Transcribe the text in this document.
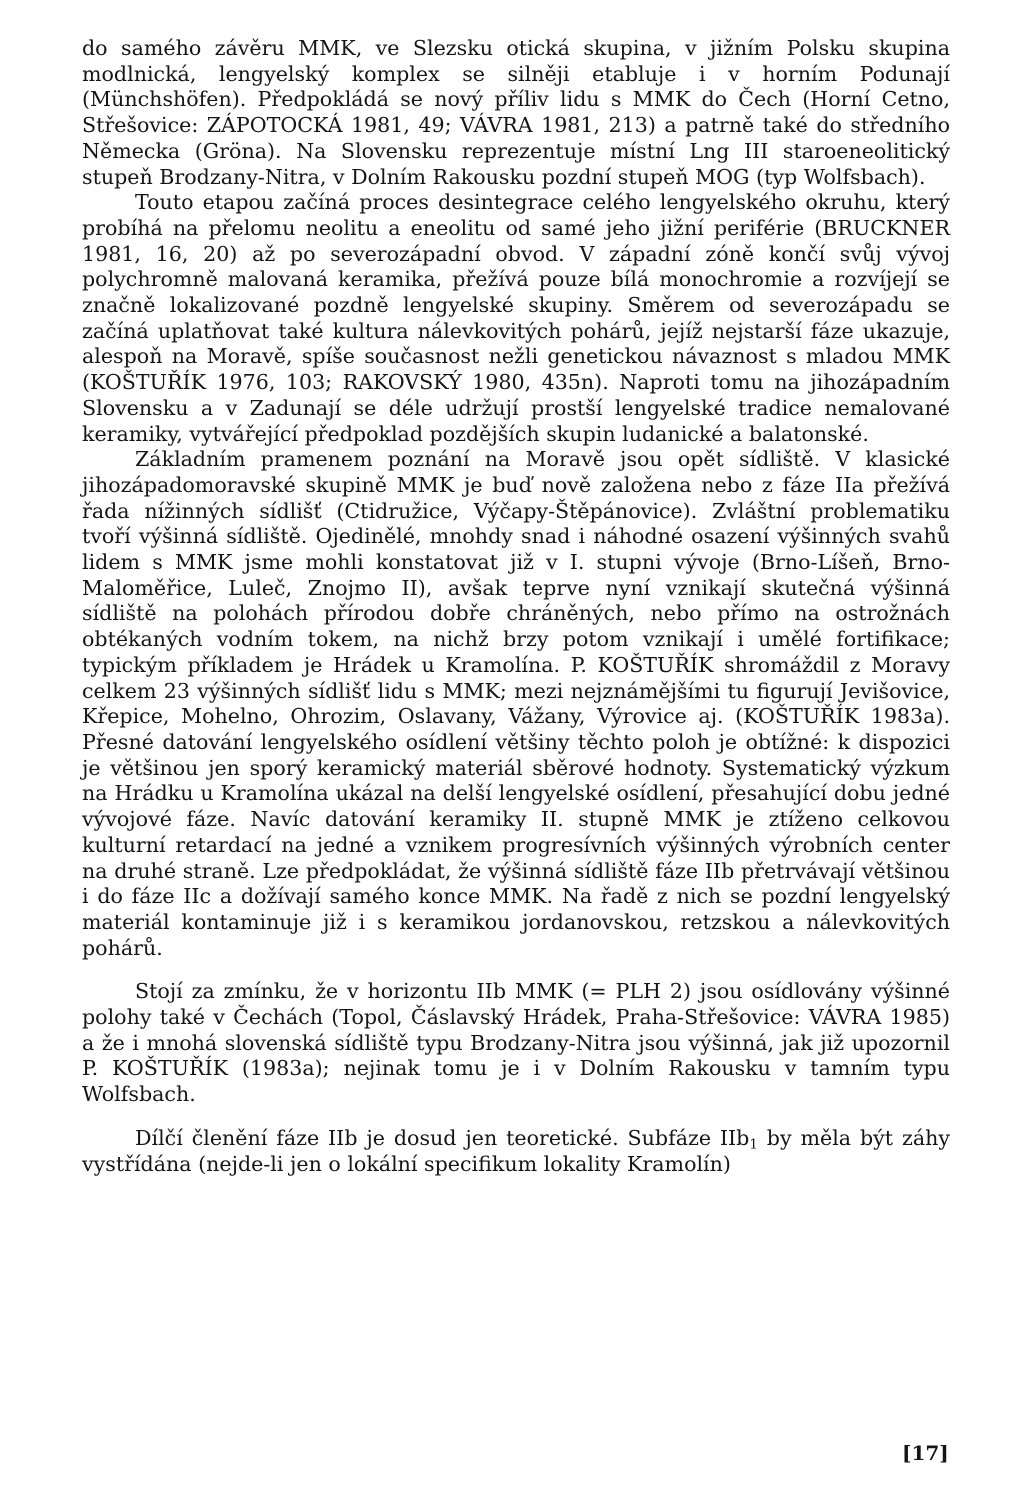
do samého závěru MMK, ve Slezsku otická skupina, v jižním Polsku skupina modlnická, lengyelský komplex se silněji etabluje i v horním Podunají (Münchshöfen). Předpokládá se nový příliv lidu s MMK do Čech (Horní Cetno, Střešovice: ZÁPOTOCKÁ 1981, 49; VÁVRA 1981, 213) a patrně také do středního Německa (Gröna). Na Slovensku reprezentuje místní Lng III staroeneolitický stupeň Brodzany-Nitra, v Dolním Rakousku pozdní stupeň MOG (typ Wolfsbach).

Touto etapou začíná proces desintegrace celého lengyelského okruhu, který probíhá na přelomu neolitu a eneolitu od samé jeho jižní periférie (BRUCKNER 1981, 16, 20) až po severozápadní obvod. V západní zóně končí svůj vývoj polychromně malovaná keramika, přežívá pouze bílá monochromie a rozvíjejí se značně lokalizované pozdně lengyelské skupiny. Směrem od severozápadu se začíná uplatňovat také kultura nálevkovitých pohárů, jejíž nejstarší fáze ukazuje, alespoň na Moravě, spíše současnost nežli genetickou návaznost s mladou MMK (KOŠTUŘÍK 1976, 103; RAKOVSKÝ 1980, 435n). Naproti tomu na jihozápadním Slovensku a v Zadunají se déle udržují prostší lengyelské tradice nemalované keramiky, vytvářející předpoklad pozdějších skupin ludanické a balatonské.

Základním pramenem poznání na Moravě jsou opět sídliště. V klasické jihozápadomoravské skupině MMK je buď nově založena nebo z fáze IIa přežívá řada nížinných sídlišť (Ctidružice, Výčapy-Štěpánovice). Zvláštní problematiku tvoří výšinná sídliště. Ojedinělé, mnohdy snad i náhodné osazení výšinných svahů lidem s MMK jsme mohli konstatovat již v I. stupni vývoje (Brno-Líšeň, Brno-Maloměřice, Luleč, Znojmo II), avšak teprve nyní vznikají skutečná výšinná sídliště na polohách přírodou dobře chráněných, nebo přímo na ostrožnách obtékaných vodním tokem, na nichž brzy potom vznikají i umělé fortifikace; typickým příkladem je Hrádek u Kramolína. P. KOŠTUŘÍK shromáždil z Moravy celkem 23 výšinných sídlišť lidu s MMK; mezi nejznámějšími tu figurují Jevišovice, Křepice, Mohelno, Ohrozim, Oslavany, Vážany, Výrovice aj. (KOŠTUŘÍK 1983a). Přesné datování lengyelského osídlení většiny těchto poloh je obtížné: k dispozici je většinou jen sporý keramický materiál sběrové hodnoty. Systematický výzkum na Hrádku u Kramolína ukázal na delší lengyelské osídlení, přesahující dobu jedné vývojové fáze. Navíc datování keramiky II. stupně MMK je ztíženo celkovou kulturní retardací na jedné a vznikem progresívních výšinných výrobních center na druhé straně. Lze předpokládat, že výšinná sídliště fáze IIb přetrvávají většinou i do fáze IIc a dožívají samého konce MMK. Na řadě z nich se pozdní lengyelský materiál kontaminuje již i s keramikou jordanovskou, retzskou a nálevkovitých pohárů.

Stojí za zmínku, že v horizontu IIb MMK (= PLH 2) jsou osídlovány výšinné polohy také v Čechách (Topol, Čáslavský Hrádek, Praha-Střešovice: VÁVRA 1985) a že i mnohá slovenská sídliště typu Brodzany-Nitra jsou výšinná, jak již upozornil P. KOŠTUŘÍK (1983a); nejinak tomu je i v Dolním Rakousku v tamním typu Wolfsbach.

Dílčí členění fáze IIb je dosud jen teoretické. Subfáze IIb$_1$ by měla být záhy vystřídána (nejde-li jen o lokální specifikum lokality Kramolín)

[17]
